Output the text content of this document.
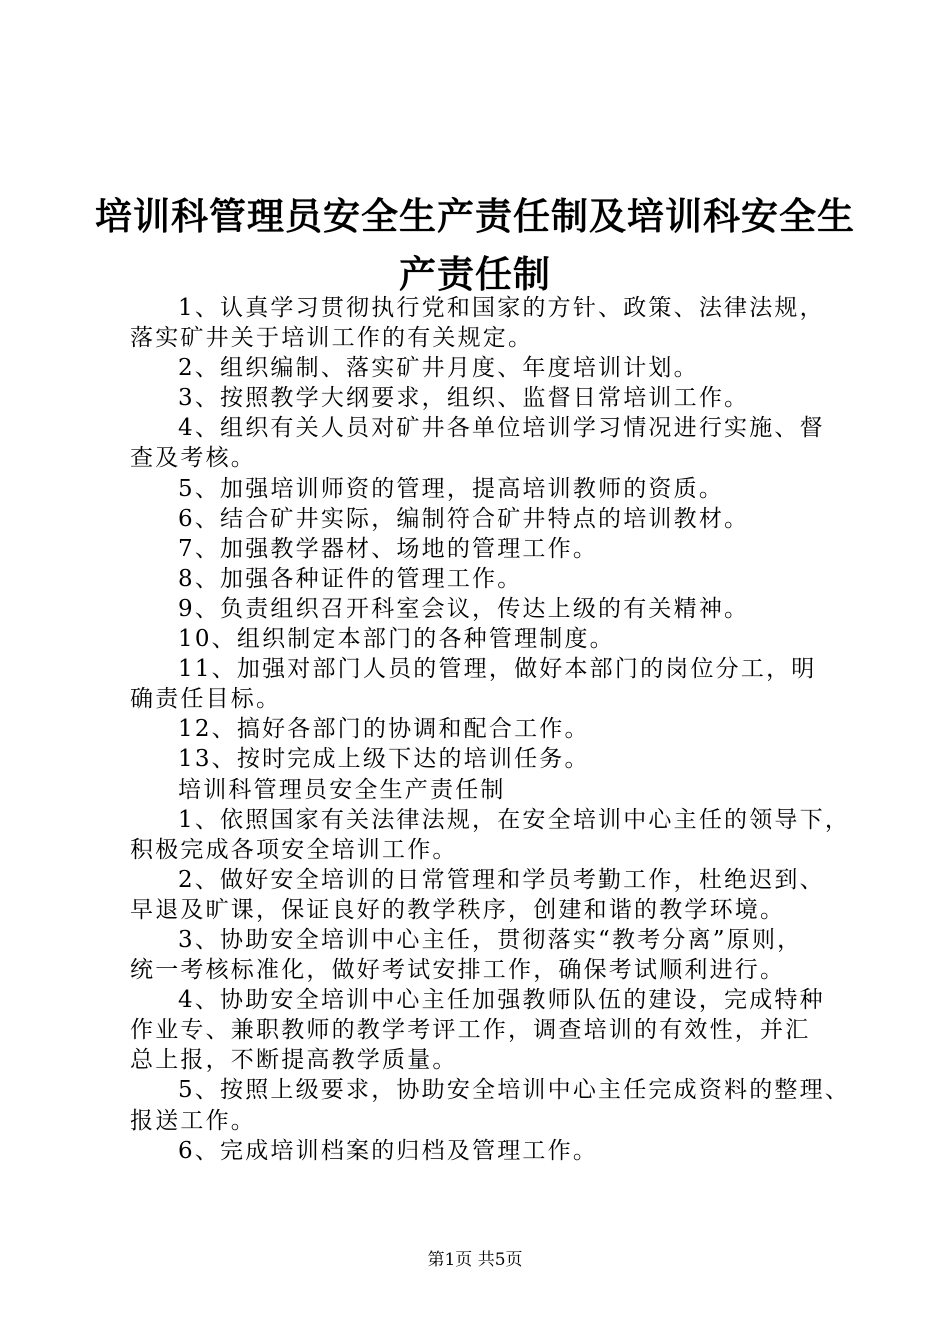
培训科管理员安全生产责任制及培训科安全生
产责任制

1、认真学习贯彻执行党和国家的方针、政策、法律法规，
落实矿井关于培训工作的有关规定。

2、组织编制、落实矿井月度、年度培训计划。

3、按照教学大纲要求，组织、监督日常培训工作。

4、组织有关人员对矿井各单位培训学习情况进行实施、督
查及考核。

5、加强培训师资的管理，提高培训教师的资质。

6、结合矿井实际，编制符合矿井特点的培训教材。

7、加强教学器材、场地的管理工作。

8、加强各种证件的管理工作。

9、负责组织召开科室会议，传达上级的有关精神。

10、组织制定本部门的各种管理制度。

11、加强对部门人员的管理，做好本部门的岗位分工，明
确责任目标。

12、搞好各部门的协调和配合工作。

13、按时完成上级下达的培训任务。

培训科管理员安全生产责任制

1、依照国家有关法律法规，在安全培训中心主任的领导下，
积极完成各项安全培训工作。

2、做好安全培训的日常管理和学员考勤工作，杜绝迟到、
早退及旷课，保证良好的教学秩序，创建和谐的教学环境。

3、协助安全培训中心主任，贯彻落实“教考分离”原则，
统一考核标准化，做好考试安排工作，确保考试顺利进行。

4、协助安全培训中心主任加强教师队伍的建设，完成特种
作业专、兼职教师的教学考评工作，调查培训的有效性，并汇
总上报，不断提高教学质量。

5、按照上级要求，协助安全培训中心主任完成资料的整理、
报送工作。

6、完成培训档案的归档及管理工作。

第1页 共5页
